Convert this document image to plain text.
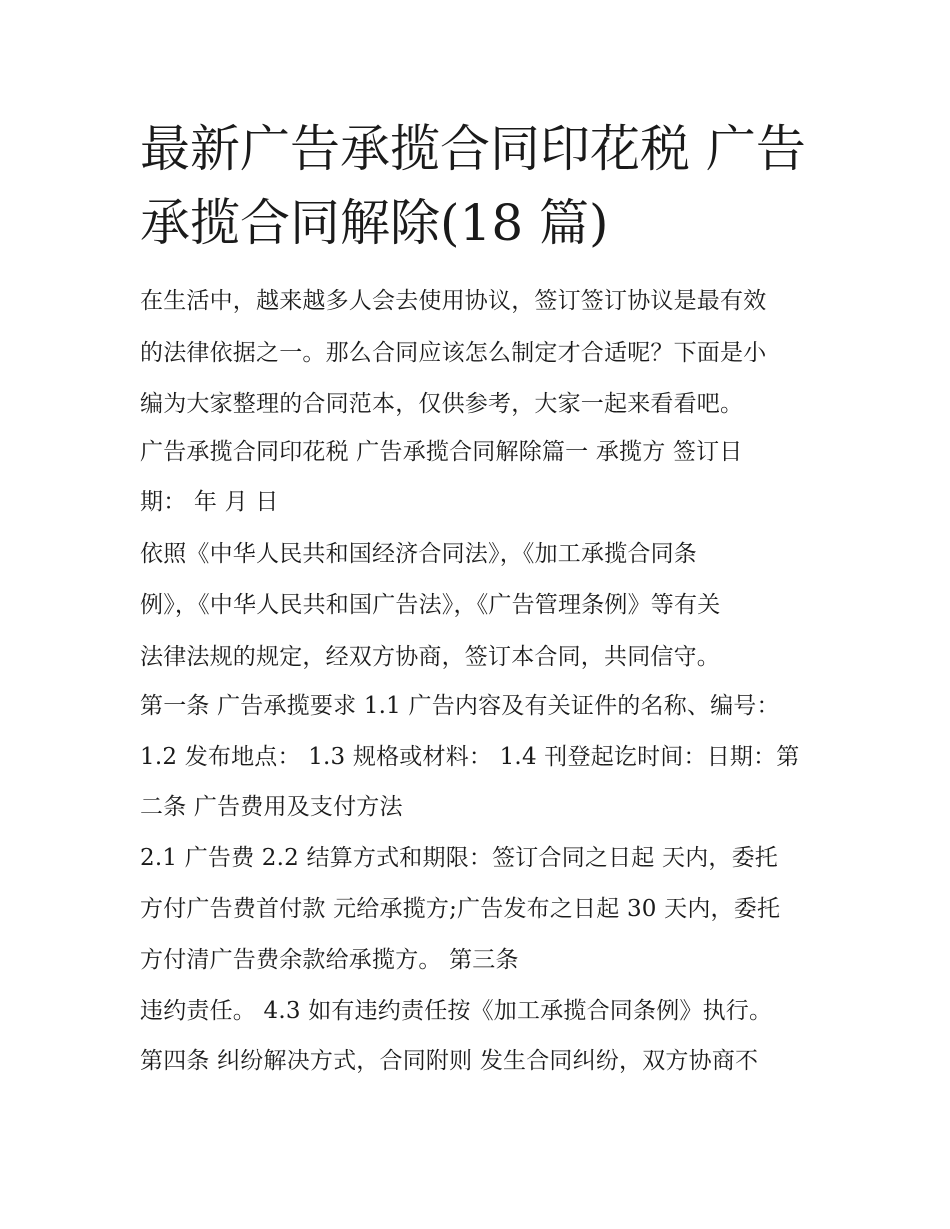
最新广告承揽合同印花税 广告
承揽合同解除(18 篇)

在生活中，越来越多人会去使用协议，签订签订协议是最有效

的法律依据之一。那么合同应该怎么制定才合适呢？下面是小

编为大家整理的合同范本，仅供参考，大家一起来看看吧。

广告承揽合同印花税 广告承揽合同解除篇一 承揽方 签订日

期： 年 月 日

依照《中华人民共和国经济合同法》，《加工承揽合同条

例》，《中华人民共和国广告法》，《广告管理条例》等有关

法律法规的规定，经双方协商，签订本合同，共同信守。

第一条 广告承揽要求 1.1 广告内容及有关证件的名称、编号：

1.2 发布地点： 1.3 规格或材料： 1.4 刊登起讫时间：日期：第

二条 广告费用及支付方法

2.1 广告费 2.2 结算方式和期限：签订合同之日起 天内，委托

方付广告费首付款 元给承揽方;广告发布之日起 30 天内，委托

方付清广告费余款给承揽方。 第三条

违约责任。 4.3 如有违约责任按《加工承揽合同条例》执行。

第四条 纠纷解决方式，合同附则 发生合同纠纷，双方协商不
